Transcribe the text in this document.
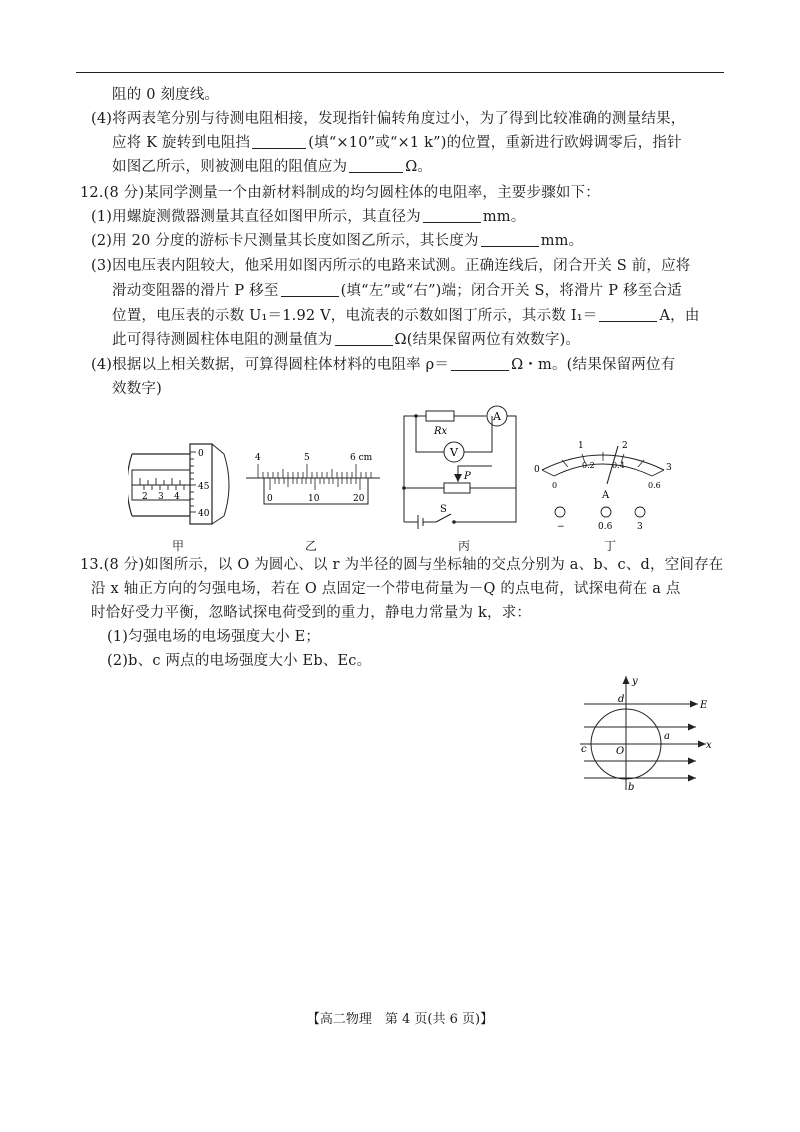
阻的 0 刻度线。
(4)将两表笔分别与待测电阻相接，发现指针偏转角度过小，为了得到比较准确的测量结果，
应将 K 旋转到电阻挡	(填“×10”或“×1 k”)的位置，重新进行欧姆调零后，指针
如图乙所示，则被测电阻的阻值应为	Ω。
12.(8 分)某同学测量一个由新材料制成的均匀圆柱体的电阻率，主要步骤如下：
(1)用螺旋测微器测量其直径如图甲所示，其直径为	mm。
(2)用 20 分度的游标卡尺测量其长度如图乙所示，其长度为	mm。
(3)因电压表内阻较大，他采用如图丙所示的电路来试测。正确连线后，闭合开关 S 前，应将
滑动变阻器的滑片 P 移至	(填“左”或“右”)端；闭合开关 S，将滑片 P 移至合适
位置，电压表的示数 U₁＝1.92 V，电流表的示数如图丁所示，其示数 I₁＝	A，由
此可得待测圆柱体电阻的测量值为	Ω(结果保留两位有效数字)。
(4)根据以上相关数据，可算得圆柱体材料的电阻率 ρ＝	Ω・m。(结果保留两位有
效数字)
2 3 4
0
45
40
甲
4	5	6 cm
0	10	20
乙
A
V
Rx
P
S
丙
0
1	2
3
0
0.2 0.4
0.6
A
−	0.6	3
丁
13.(8 分)如图所示，以 O 为圆心、以 r 为半径的圆与坐标轴的交点分别为 a、b、c、d，空间存在
沿 x 轴正方向的匀强电场，若在 O 点固定一个带电荷量为－Q 的点电荷，试探电荷在 a 点
时恰好受力平衡，忽略试探电荷受到的重力，静电力常量为 k，求：
(1)匀强电场的电场强度大小 E；
(2)b、c 两点的电场强度大小 Eb、Ec。
y
x
E
O
a
b
c
d
【高二物理　第 4 页(共 6 页)】
